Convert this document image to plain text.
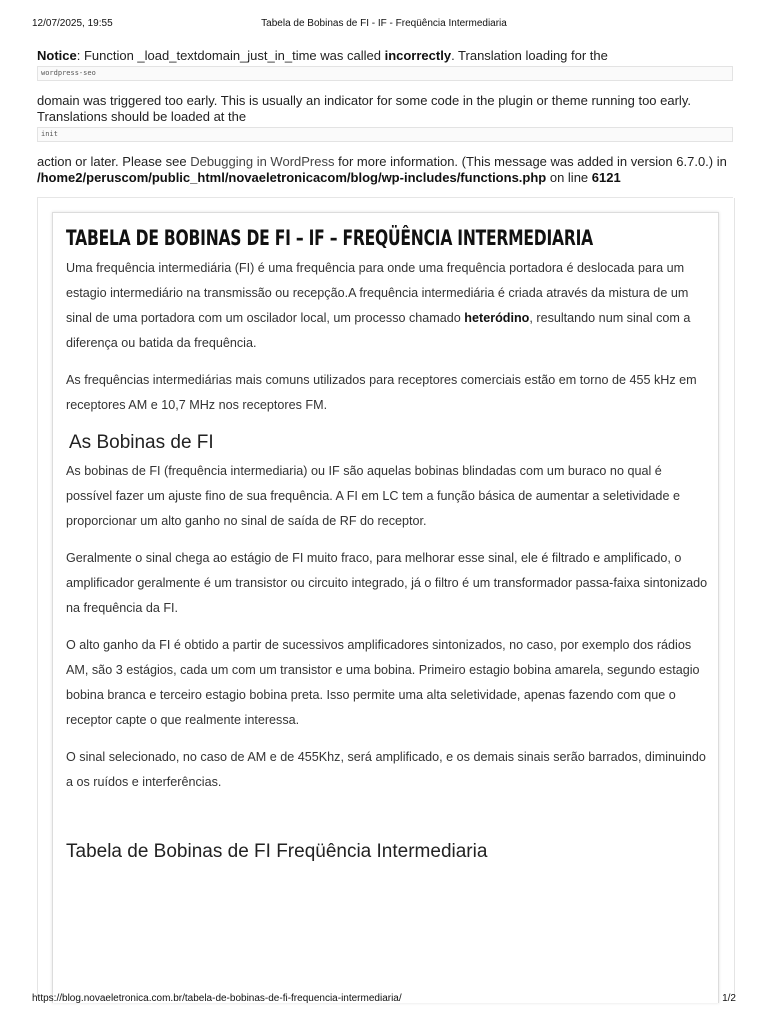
12/07/2025, 19:55	Tabela de Bobinas de FI - IF - Freqüência Intermediaria

Notice: Function _load_textdomain_just_in_time was called incorrectly. Translation loading for the

wordpress-seo

domain was triggered too early. This is usually an indicator for some code in the plugin or theme running too early. Translations should be loaded at the

init

action or later. Please see Debugging in WordPress for more information. (This message was added in version 6.7.0.) in /home2/peruscom/public_html/novaeletronicacom/blog/wp-includes/functions.php on line 6121

TABELA DE BOBINAS DE FI – IF – FREQÜÊNCIA INTERMEDIARIA

Uma frequência intermediária (FI) é uma frequência para onde uma frequência portadora é deslocada para um estagio intermediário na transmissão ou recepção.A frequência intermediária é criada através da mistura de um sinal de uma portadora com um oscilador local, um processo chamado heteródino, resultando num sinal com a diferença ou batida da frequência.

As frequências intermediárias mais comuns utilizados para receptores comerciais estão em torno de 455 kHz em receptores AM e 10,7 MHz nos receptores FM.

As Bobinas de FI

As bobinas de FI (frequência intermediaria) ou IF são aquelas bobinas blindadas com um buraco no qual é possível fazer um ajuste fino de sua frequência. A FI em LC tem a função básica de aumentar a seletividade e proporcionar um alto ganho no sinal de saída de RF do receptor.

Geralmente o sinal chega ao estágio de FI muito fraco, para melhorar esse sinal, ele é filtrado e amplificado, o amplificador geralmente é um transistor ou circuito integrado, já o filtro é um transformador passa-faixa sintonizado na frequência da FI.

O alto ganho da FI é obtido a partir de sucessivos amplificadores sintonizados, no caso, por exemplo dos rádios AM, são 3 estágios, cada um com um transistor e uma bobina. Primeiro estagio bobina amarela, segundo estagio bobina branca e terceiro estagio bobina preta. Isso permite uma alta seletividade, apenas fazendo com que o receptor capte o que realmente interessa.

O sinal selecionado, no caso de AM e de 455Khz, será amplificado, e os demais sinais serão barrados, diminuindo a os ruídos e interferências.

Tabela de Bobinas de FI Freqüência Intermediaria
https://blog.novaeletronica.com.br/tabela-de-bobinas-de-fi-frequencia-intermediaria/	1/2
